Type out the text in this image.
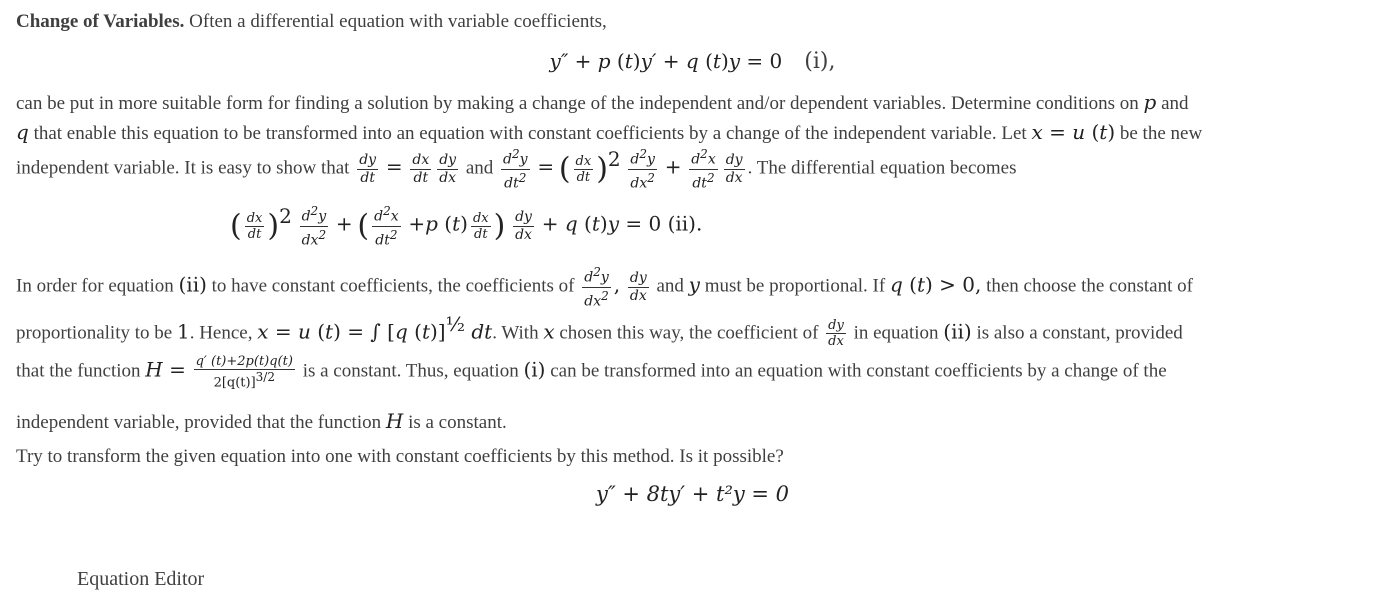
Change of Variables. Often a differential equation with variable coefficients,
y″ + p (t)y′ + q (t)y = 0 (i),
can be put in more suitable form for finding a solution by making a change of the independent and/or dependent variables. Determine conditions on p and
q that enable this equation to be transformed into an equation with constant coefficients by a change of the independent variable. Let x = u (t) be the new
independent variable. It is easy to show that $\frac{dy}{dt} = \frac{dx}{dt} \frac{dy}{dx}$ and $\frac{d^2y}{dt^2}$ = ( $\frac{dx}{dt} )^2 \frac{d^2y}{dx^2} + \frac{d^2x}{dt^2} \frac{dy}{dx}$ . The differential equation becomes
( $\frac{dx}{dt} )^2 \frac{d^2y}{dx^2}$ + ( $\frac{d^2x}{dt^2} +p$ $(t) \frac{dx}{dt}$ ) $\frac{dy}{dx} + q$ (t)y = 0 (ii).
In order for equation (ii) to have constant coefficients, the coefficients of $\frac{d^2y}{dx^2}$ , $\frac{dy}{dx}$ and y must be proportional. If q (t) > 0, then choose the constant of
proportionality to be 1. Hence, x = u (t) = ∫ [q (t)]$^{\frac{1}{2}}$ dt. With x chosen this way, the coefficient of $\frac{dy}{dx}$ in equation (ii) is also a constant, provided
that the function $H = \frac{q' (t)+2p(t)q(t)}{2[q(t)]^{3/2}}$ is a constant. Thus, equation (i) can be transformed into an equation with constant coefficients by a change of the
independent variable, provided that the function H is a constant.
Try to transform the given equation into one with constant coefficients by this method. Is it possible?
y″ + 8ty′ + t²y = 0
Equation Editor
